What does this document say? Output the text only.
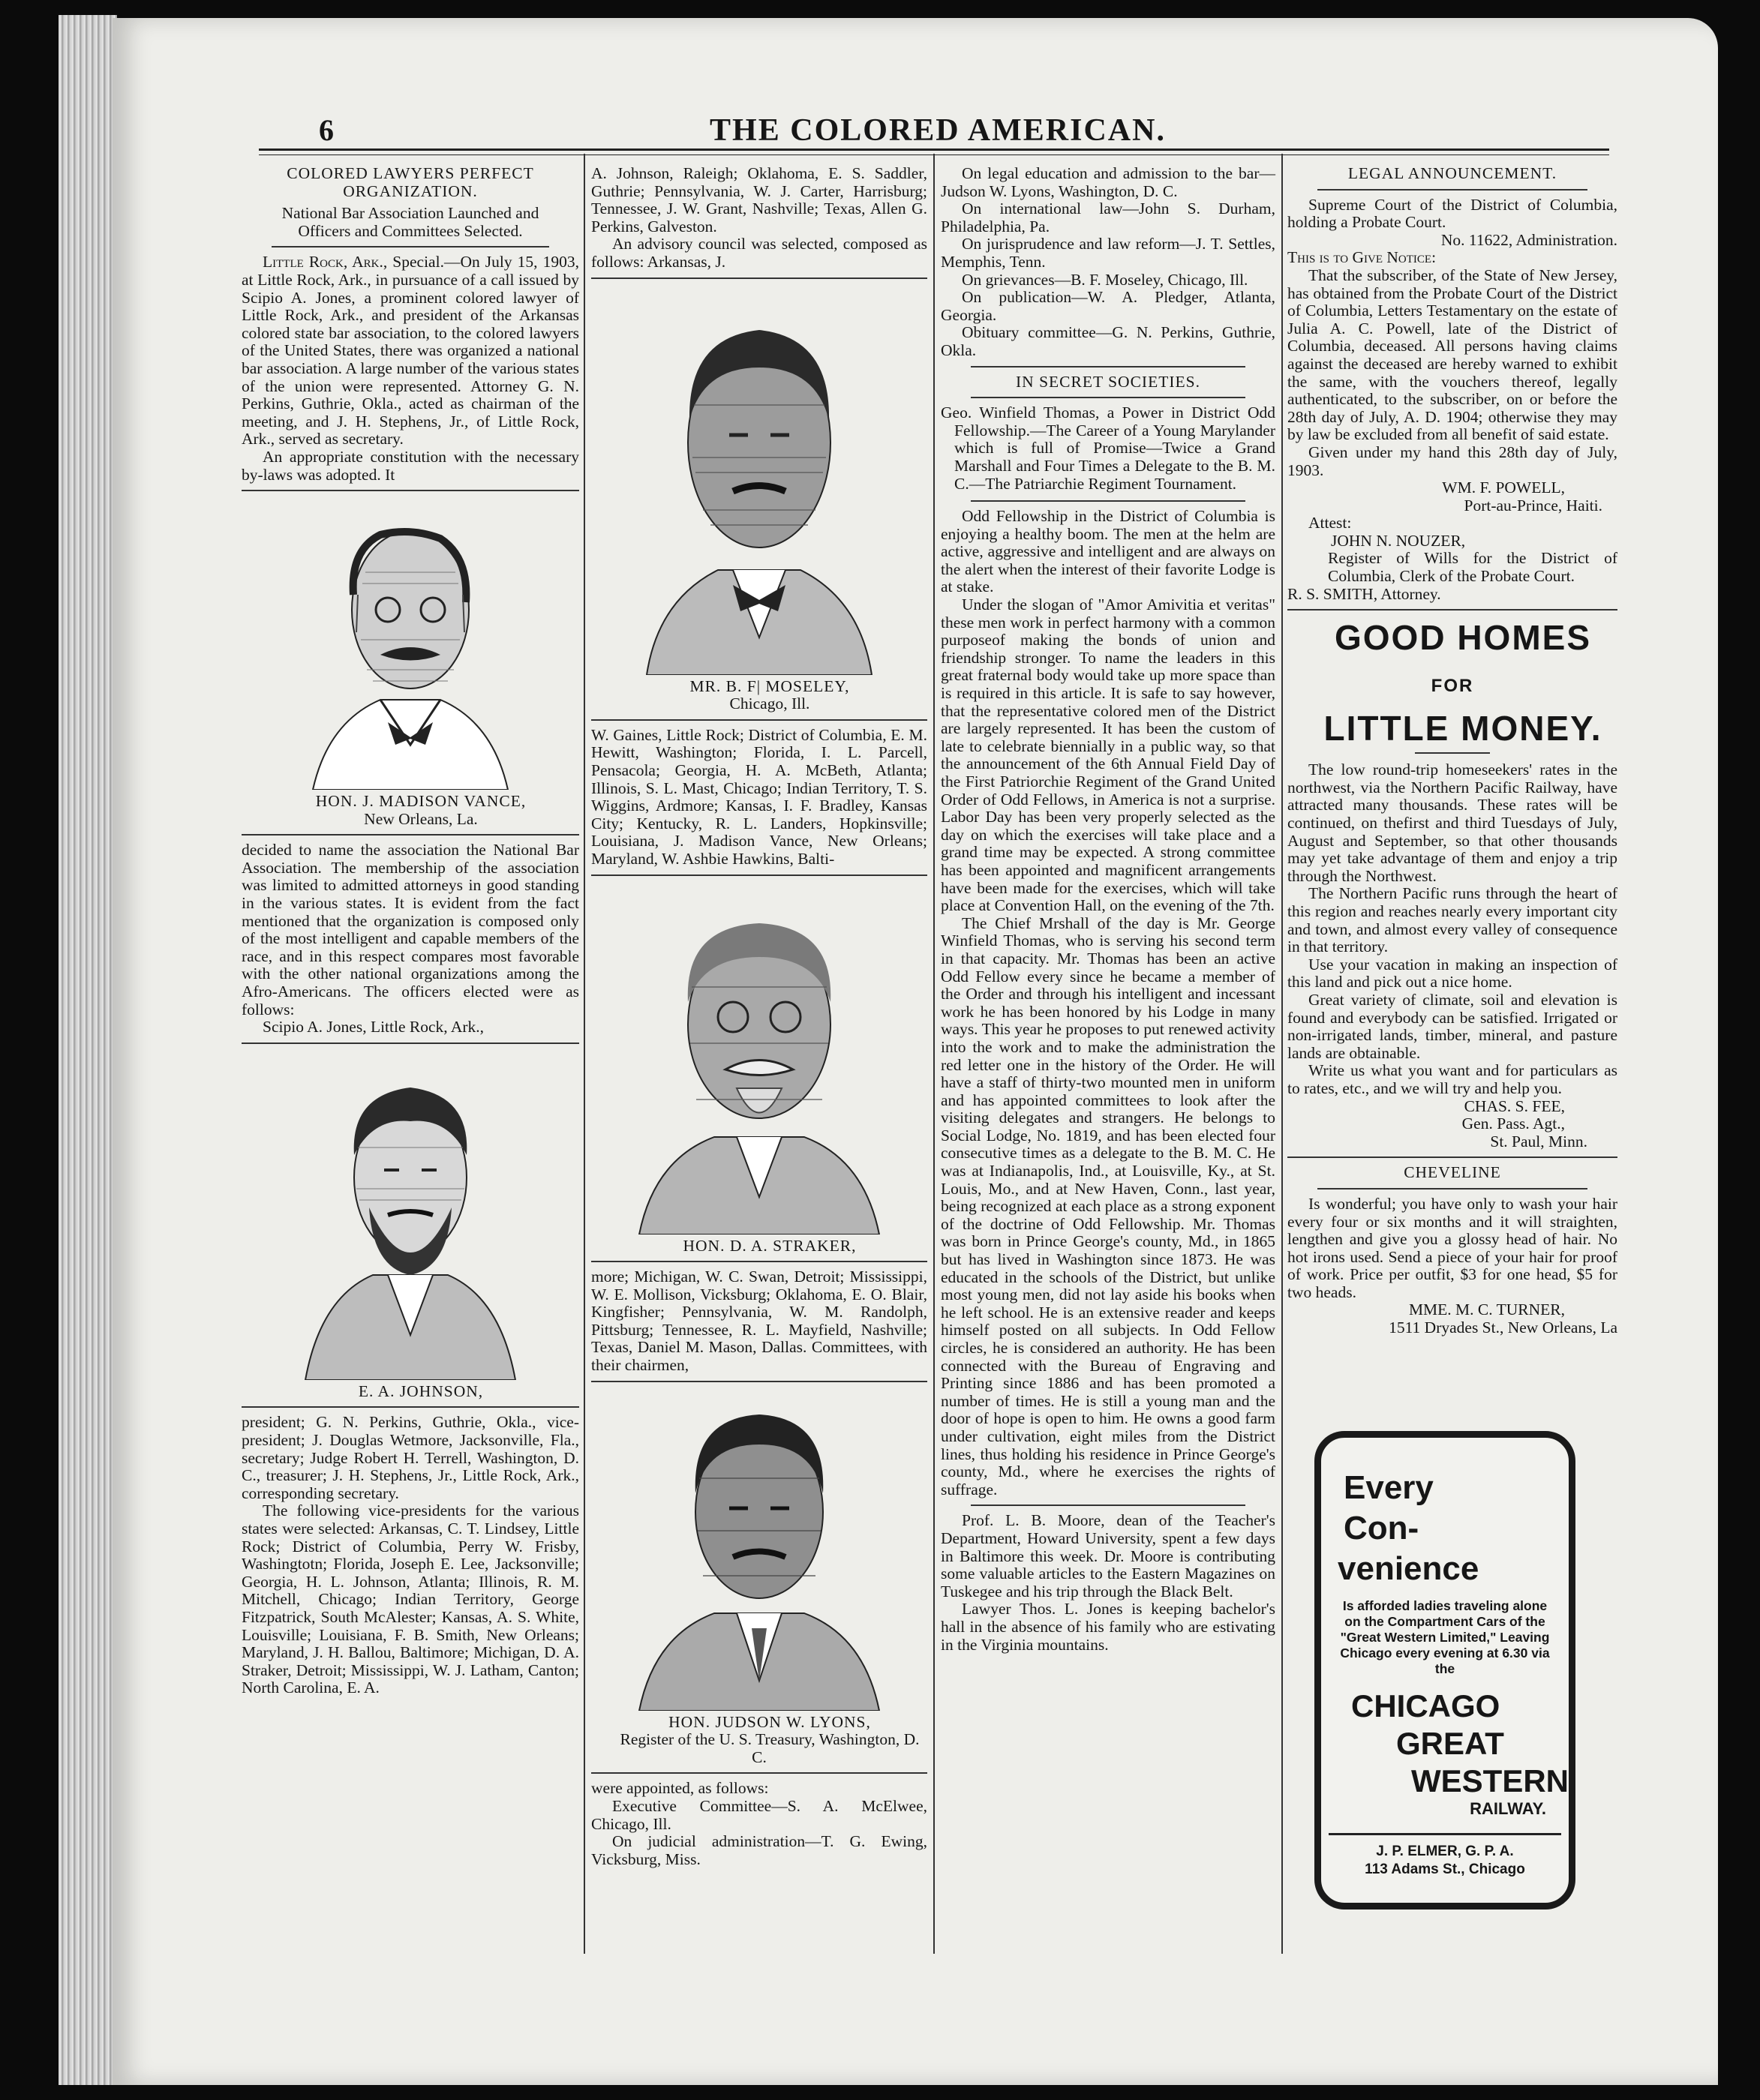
6	THE COLORED AMERICAN.

COLORED LAWYERS PERFECT ORGANIZATION.

National Bar Association Launched and Officers and Committees Selected.

Little Rock, Ark., Special.—On July 15, 1903, at Little Rock, Ark., in pursuance of a call issued by Scipio A. Jones, a prominent colored lawyer of Little Rock, Ark., and president of the Arkansas colored state bar association, to the colored lawyers of the United States, there was organized a national bar association. A large number of the various states of the union were represented. Attorney G. N. Perkins, Guthrie, Okla., acted as chairman of the meeting, and J. H. Stephens, Jr., of Little Rock, Ark., served as secretary.

An appropriate constitution with the necessary by-laws was adopted. It

HON. J. MADISON VANCE,

New Orleans, La.

decided to name the association the National Bar Association. The membership of the association was limited to admitted attorneys in good standing in the various states. It is evident from the fact mentioned that the organization is composed only of the most intelligent and capable members of the race, and in this respect compares most favorable with the other national organizations among the Afro-Americans. The officers elected were as follows:

Scipio A. Jones, Little Rock, Ark.,

E. A. JOHNSON,

president; G. N. Perkins, Guthrie, Okla., vice-president; J. Douglas Wetmore, Jacksonville, Fla., secretary; Judge Robert H. Terrell, Washington, D. C., treasurer; J. H. Stephens, Jr., Little Rock, Ark., corresponding secretary.

The following vice-presidents for the various states were selected: Arkansas, C. T. Lindsey, Little Rock; District of Columbia, Perry W. Frisby, Washingtotn; Florida, Joseph E. Lee, Jacksonville; Georgia, H. L. Johnson, Atlanta; Illinois, R. M. Mitchell, Chicago; Indian Territory, George Fitzpatrick, South McAlester; Kansas, A. S. White, Louisville; Louisiana, F. B. Smith, New Orleans; Maryland, J. H. Ballou, Baltimore; Michigan, D. A. Straker, Detroit; Mississippi, W. J. Latham, Canton; North Carolina, E. A.

A. Johnson, Raleigh; Oklahoma, E. S. Saddler, Guthrie; Pennsylvania, W. J. Carter, Harrisburg; Tennessee, J. W. Grant, Nashville; Texas, Allen G. Perkins, Galveston.

An advisory council was selected, composed as follows: Arkansas, J.

MR. B. F| MOSELEY,

Chicago, Ill.

W. Gaines, Little Rock; District of Columbia, E. M. Hewitt, Washington; Florida, I. L. Parcell, Pensacola; Georgia, H. A. McBeth, Atlanta; Illinois, S. L. Mast, Chicago; Indian Territory, T. S. Wiggins, Ardmore; Kansas, I. F. Bradley, Kansas City; Kentucky, R. L. Landers, Hopkinsville; Louisiana, J. Madison Vance, New Orleans; Maryland, W. Ashbie Hawkins, Balti-

HON. D. A. STRAKER,

more; Michigan, W. C. Swan, Detroit; Mississippi, W. E. Mollison, Vicksburg; Oklahoma, E. O. Blair, Kingfisher; Pennsylvania, W. M. Randolph, Pittsburg; Tennessee, R. L. Mayfield, Nashville; Texas, Daniel M. Mason, Dallas. Committees, with their chairmen,

HON. JUDSON W. LYONS,

Register of the U. S. Treasury, Washington, D. C.

were appointed, as follows:

Executive Committee—S. A. McElwee, Chicago, Ill.

On judicial administration—T. G. Ewing, Vicksburg, Miss.

On legal education and admission to the bar—Judson W. Lyons, Washington, D. C.

On international law—John S. Durham, Philadelphia, Pa.

On jurisprudence and law reform—J. T. Settles, Memphis, Tenn.

On grievances—B. F. Moseley, Chicago, Ill.

On publication—W. A. Pledger, Atlanta, Georgia.

Obituary committee—G. N. Perkins, Guthrie, Okla.

IN SECRET SOCIETIES.

Geo. Winfield Thomas, a Power in District Odd Fellowship.—The Career of a Young Marylander which is full of Promise—Twice a Grand Marshall and Four Times a Delegate to the B. M. C.—The Patriarchie Regiment Tournament.

Odd Fellowship in the District of Columbia is enjoying a healthy boom. The men at the helm are active, aggressive and intelligent and are always on the alert when the interest of their favorite Lodge is at stake.

Under the slogan of "Amor Amivitia et veritas" these men work in perfect harmony with a common purposeof making the bonds of union and friendship stronger. To name the leaders in this great fraternal body would take up more space than is required in this article. It is safe to say however, that the representative colored men of the District are largely represented. It has been the custom of late to celebrate biennially in a public way, so that the announcement of the 6th Annual Field Day of the First Patriorchie Regiment of the Grand United Order of Odd Fellows, in America is not a surprise. Labor Day has been very properly selected as the day on which the exercises will take place and a grand time may be expected. A strong committee has been appointed and magnificent arrangements have been made for the exercises, which will take place at Convention Hall, on the evening of the 7th.

The Chief Mrshall of the day is Mr. George Winfield Thomas, who is serving his second term in that capacity. Mr. Thomas has been an active Odd Fellow every since he became a member of the Order and through his intelligent and incessant work he has been honored by his Lodge in many ways. This year he proposes to put renewed activity into the work and to make the administration the red letter one in the history of the Order. He will have a staff of thirty-two mounted men in uniform and has appointed committees to look after the visiting delegates and strangers. He belongs to Social Lodge, No. 1819, and has been elected four consecutive times as a delegate to the B. M. C. He was at Indianapolis, Ind., at Louisville, Ky., at St. Louis, Mo., and at New Haven, Conn., last year, being recognized at each place as a strong exponent of the doctrine of Odd Fellowship. Mr. Thomas was born in Prince George's county, Md., in 1865 but has lived in Washington since 1873. He was educated in the schools of the District, but unlike most young men, did not lay aside his books when he left school. He is an extensive reader and keeps himself posted on all subjects. In Odd Fellow circles, he is considered an authority. He has been connected with the Bureau of Engraving and Printing since 1886 and has been promoted a number of times. He is still a young man and the door of hope is open to him. He owns a good farm under cultivation, eight miles from the District lines, thus holding his residence in Prince George's county, Md., where he exercises the rights of suffrage.

Prof. L. B. Moore, dean of the Teacher's Department, Howard University, spent a few days in Baltimore this week. Dr. Moore is contributing some valuable articles to the Eastern Magazines on Tuskegee and his trip through the Black Belt.

Lawyer Thos. L. Jones is keeping bachelor's hall in the absence of his family who are estivating in the Virginia mountains.

LEGAL ANNOUNCEMENT.

Supreme Court of the District of Columbia, holding a Probate Court.

No. 11622, Administration.

This is to Give Notice:

That the subscriber, of the State of New Jersey, has obtained from the Probate Court of the District of Columbia, Letters Testamentary on the estate of Julia A. C. Powell, late of the District of Columbia, deceased. All persons having claims against the deceased are hereby warned to exhibit the same, with the vouchers thereof, legally authenticated, to the subscriber, on or before the 28th day of July, A. D. 1904; otherwise they may by law be excluded from all benefit of said estate.

Given under my hand this 28th day of July, 1903.

WM. F. POWELL,

Port-au-Prince, Haiti.

Attest:

JOHN N. NOUZER,

Register of Wills for the District of Columbia, Clerk of the Probate Court.

R. S. SMITH, Attorney.

GOOD HOMES FOR

LITTLE MONEY.

The low round-trip homeseekers' rates in the northwest, via the Northern Pacific Railway, have attracted many thousands. These rates will be continued, on thefirst and third Tuesdays of July, August and September, so that other thousands may yet take advantage of them and enjoy a trip through the Northwest.

The Northern Pacific runs through the heart of this region and reaches nearly every important city and town, and almost every valley of consequence in that territory.

Use your vacation in making an inspection of this land and pick out a nice home.

Great variety of climate, soil and elevation is found and everybody can be satisfied. Irrigated or non-irrigated lands, timber, mineral, and pasture lands are obtainable.

Write us what you want and for particulars as to rates, etc., and we will try and help you.

CHAS. S. FEE,

Gen. Pass. Agt.,

St. Paul, Minn.

CHEVELINE

Is wonderful; you have only to wash your hair every four or six months and it will straighten, lengthen and give you a glossy head of hair. No hot irons used. Send a piece of your hair for proof of work. Price per outfit, $3 for one head, $5 for two heads.

MME. M. C. TURNER,

1511 Dryades St., New Orleans, La

Every

Con-

venience

Is afforded ladies traveling alone on the Compartment Cars of the "Great Western Limited," Leaving Chicago every evening at 6.30 via the

CHICAGO

GREAT

WESTERN

RAILWAY.

J. P. ELMER, G. P. A.

113 Adams St., Chicago
